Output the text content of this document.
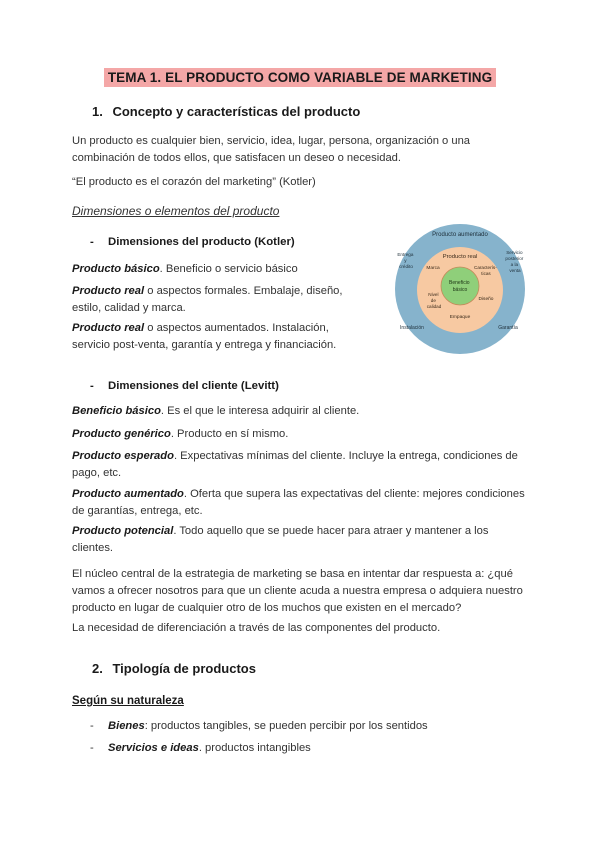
TEMA 1. EL PRODUCTO COMO VARIABLE DE MARKETING
1. Concepto y características del producto
Un producto es cualquier bien, servicio, idea, lugar, persona, organización o una combinación de todos ellos, que satisfacen un deseo o necesidad.
“El producto es el corazón del marketing” (Kotler)
Dimensiones o elementos del producto
- Dimensiones del producto (Kotler)
Producto básico. Beneficio o servicio básico
Producto real o aspectos formales. Embalaje, diseño, estilo, calidad y marca.
Producto real o aspectos aumentados. Instalación, servicio post-venta, garantía y entrega y financiación.
Producto aumentado
Entrega y crédito
Servicio posterior a la venta
Instalación	Garantía
Producto real
Marca	Caracterís- ticas
Nivel de calidad
Diseño
Empaque
Beneficio básico
- Dimensiones del cliente (Levitt)
Beneficio básico. Es el que le interesa adquirir al cliente.
Producto genérico. Producto en sí mismo.
Producto esperado. Expectativas mínimas del cliente. Incluye la entrega, condiciones de pago, etc.
Producto aumentado. Oferta que supera las expectativas del cliente: mejores condiciones de garantías, entrega, etc.
Producto potencial. Todo aquello que se puede hacer para atraer y mantener a los clientes.
El núcleo central de la estrategia de marketing se basa en intentar dar respuesta a: ¿qué vamos a ofrecer nosotros para que un cliente acuda a nuestra empresa o adquiera nuestro producto en lugar de cualquier otro de los muchos que existen en el mercado?
La necesidad de diferenciación a través de las componentes del producto.
2. Tipología de productos
Según su naturaleza
- Bienes: productos tangibles, se pueden percibir por los sentidos
- Servicios e ideas. productos intangibles
